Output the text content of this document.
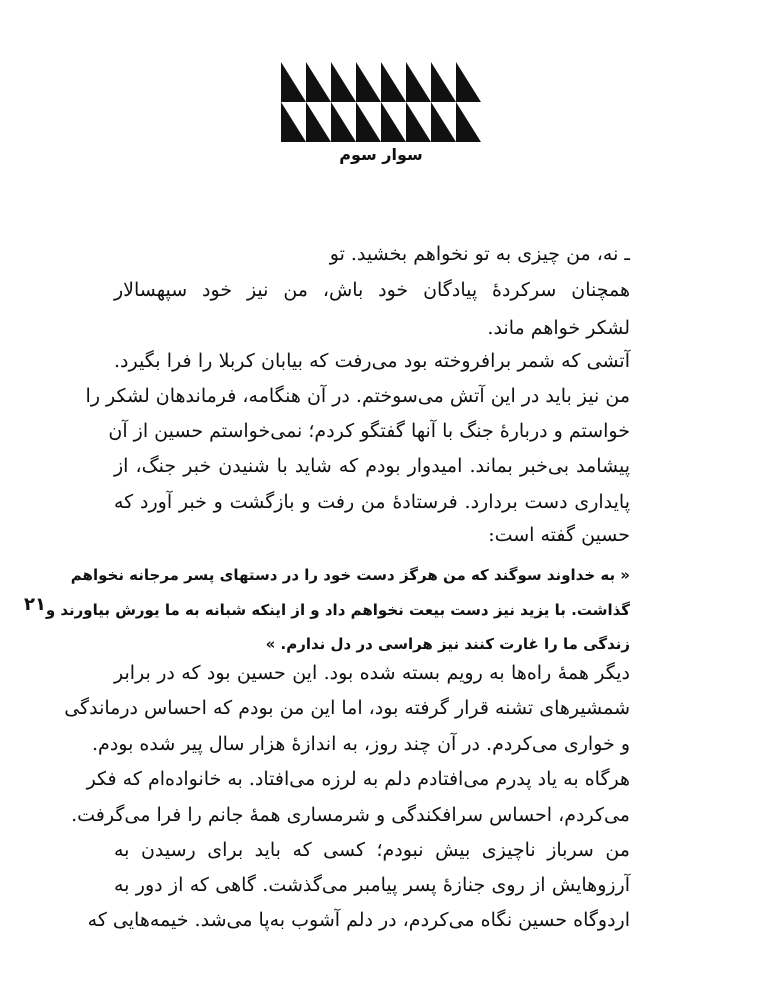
سوار سوم
۲۱
ـ نه، من چیزی به تو نخواهم بخشید. تو
همچنان سرکردهٔ پیادگان خود باش، من نیز خود سپهسالار
لشکر خواهم ماند.
آتشی که شمر برافروخته بود می‌رفت که بیابان کربلا را فرا بگیرد.
من نیز باید در این آتش می‌سوختم. در آن هنگامه، فرماندهان لشکر را
خواستم و دربارهٔ جنگ با آنها گفتگو کردم؛ نمی‌خواستم حسین از آن
پیشامد بی‌خبر بماند. امیدوار بودم که شاید با شنیدن خبر جنگ، از
پایداری دست بردارد. فرستادهٔ من رفت و بازگشت و خبر آورد که
حسین گفته است:
« به خداوند سوگند که من هرگز دست خود را در دستهای پسر مرجانه نخواهم
گذاشت. با یزید نیز دست بیعت نخواهم داد و از اینکه شبانه به ما یورش بیاورند و
زندگی ما را غارت کنند نیز هراسی در دل ندارم. »
دیگر همهٔ راه‌ها به رویم بسته شده بود. این حسین بود که در برابر
شمشیرهای تشنه قرار گرفته بود، اما این من بودم که احساس درماندگی
و خواری می‌کردم. در آن چند روز، به اندازهٔ هزار سال پیر شده بودم.
هرگاه به یاد پدرم می‌افتادم دلم به لرزه می‌افتاد. به خانواده‌ام که فکر
می‌کردم، احساس سرافکندگی و شرمساری همهٔ جانم را فرا می‌گرفت.
من سرباز ناچیزی بیش نبودم؛ کسی که باید برای رسیدن به
آرزوهایش از روی جنازهٔ پسر پیامبر می‌گذشت. گاهی که از دور به
اردوگاه حسین نگاه می‌کردم، در دلم آشوب به‌پا می‌شد. خیمه‌هایی که
